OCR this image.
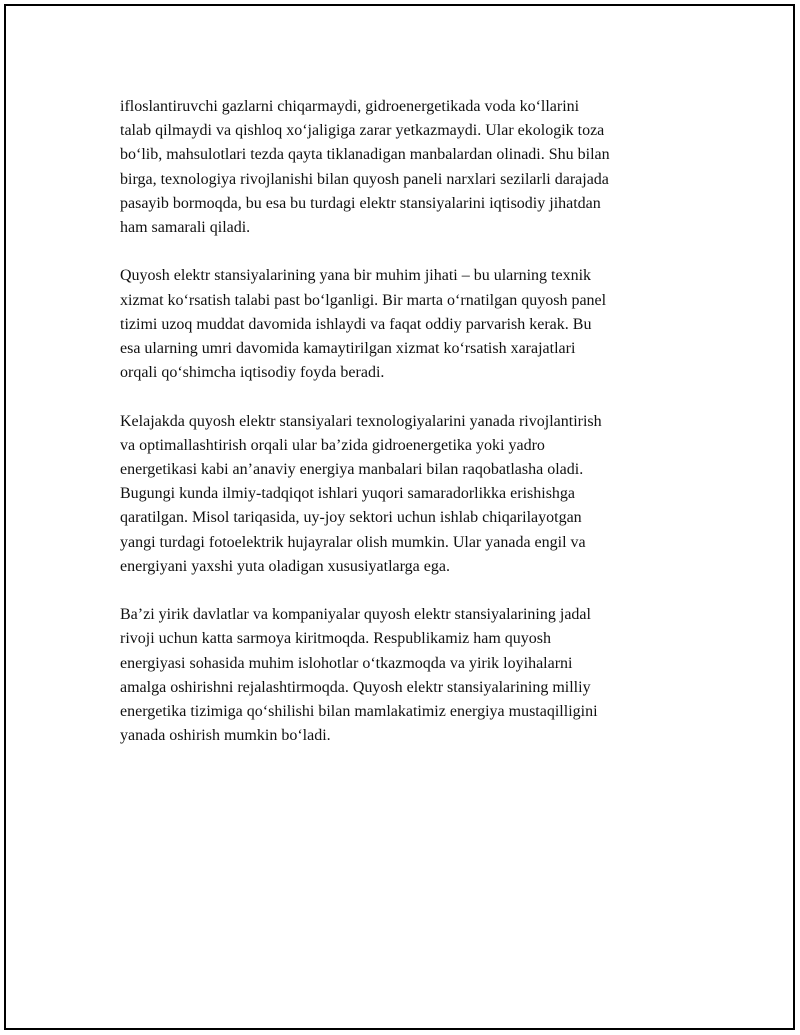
ifloslantiruvchi gazlarni chiqarmaydi, gidroenergetikada voda ko‘llarini
talab qilmaydi va qishloq xo‘jaligiga zarar yetkazmaydi. Ular ekologik toza
bo‘lib, mahsulotlari tezda qayta tiklanadigan manbalardan olinadi. Shu bilan
birga, texnologiya rivojlanishi bilan quyosh paneli narxlari sezilarli darajada
pasayib bormoqda, bu esa bu turdagi elektr stansiyalarini iqtisodiy jihatdan
ham samarali qiladi.

Quyosh elektr stansiyalarining yana bir muhim jihati – bu ularning texnik
xizmat ko‘rsatish talabi past bo‘lganligi. Bir marta o‘rnatilgan quyosh panel
tizimi uzoq muddat davomida ishlaydi va faqat oddiy parvarish kerak. Bu
esa ularning umri davomida kamaytirilgan xizmat ko‘rsatish xarajatlari
orqali qo‘shimcha iqtisodiy foyda beradi.

Kelajakda quyosh elektr stansiyalari texnologiyalarini yanada rivojlantirish
va optimallashtirish orqali ular ba’zida gidroenergetika yoki yadro
energetikasi kabi an’anaviy energiya manbalari bilan raqobatlasha oladi.
Bugungi kunda ilmiy-tadqiqot ishlari yuqori samaradorlikka erishishga
qaratilgan. Misol tariqasida, uy-joy sektori uchun ishlab chiqarilayotgan
yangi turdagi fotoelektrik hujayralar olish mumkin. Ular yanada engil va
energiyani yaxshi yuta oladigan xususiyatlarga ega.

Ba’zi yirik davlatlar va kompaniyalar quyosh elektr stansiyalarining jadal
rivoji uchun katta sarmoya kiritmoqda. Respublikamiz ham quyosh
energiyasi sohasida muhim islohotlar o‘tkazmoqda va yirik loyihalarni
amalga oshirishni rejalashtirmoqda. Quyosh elektr stansiyalarining milliy
energetika tizimiga qo‘shilishi bilan mamlakatimiz energiya mustaqilligini
yanada oshirish mumkin bo‘ladi.
